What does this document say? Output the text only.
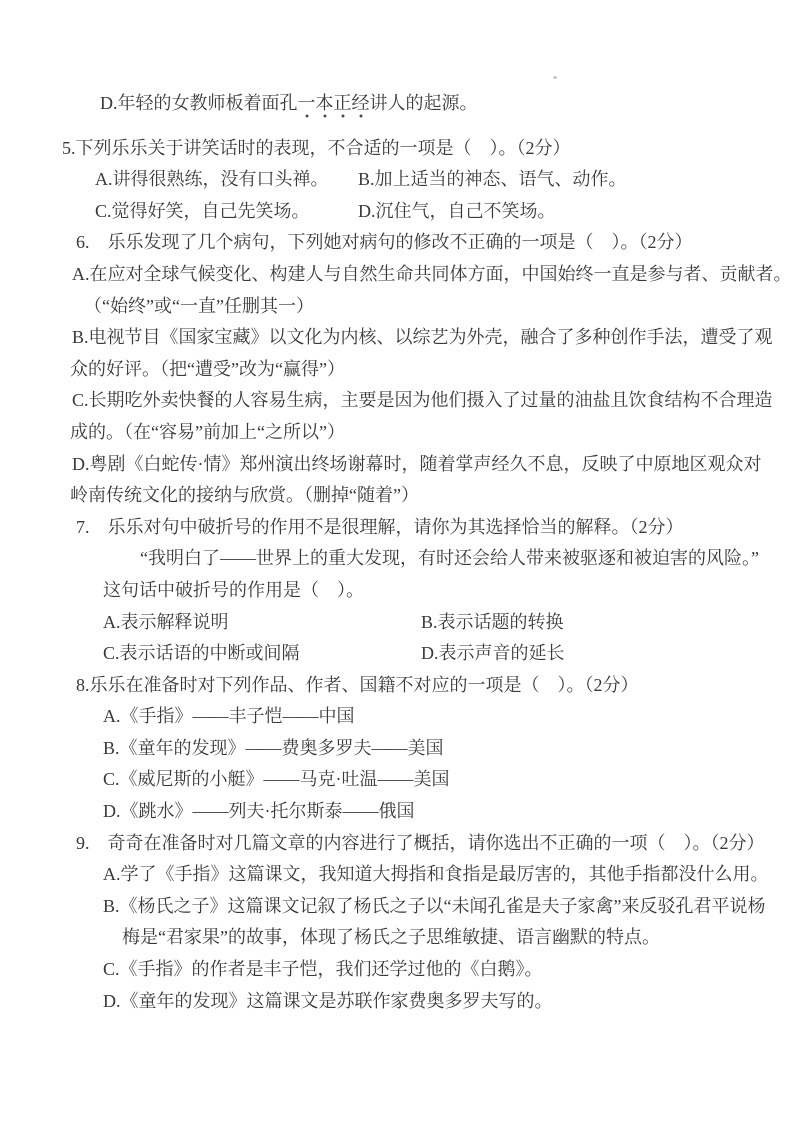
D.年轻的女教师板着面孔一本正经讲人的起源。
5.下列乐乐关于讲笑话时的表现，不合适的一项是（　）。（2分）
A.讲得很熟练，没有口头禅。 B.加上适当的神态、语气、动作。
C.觉得好笑，自己先笑场。	D.沉住气，自己不笑场。
6.　乐乐发现了几个病句，下列她对病句的修改不正确的一项是（　）。（2分）
A.在应对全球气候变化、构建人与自然生命共同体方面，中国始终一直是参与者、贡献者。
（“始终”或“一直”任删其一）
B.电视节目《国家宝藏》以文化为内核、以综艺为外壳，融合了多种创作手法，遭受了观
众的好评。（把“遭受”改为“赢得”）
C.长期吃外卖快餐的人容易生病，主要是因为他们摄入了过量的油盐且饮食结构不合理造
成的。（在“容易”前加上“之所以”）
D.粤剧《白蛇传·情》郑州演出终场谢幕时，随着掌声经久不息，反映了中原地区观众对
岭南传统文化的接纳与欣赏。（删掉“随着”）
7.　乐乐对句中破折号的作用不是很理解，请你为其选择恰当的解释。（2分）
“我明白了——世界上的重大发现，有时还会给人带来被驱逐和被迫害的风险。”
这句话中破折号的作用是（　）。
A.表示解释说明	B.表示话题的转换
C.表示话语的中断或间隔	D.表示声音的延长
8.乐乐在准备时对下列作品、作者、国籍不对应的一项是（　）。（2分）
A.《手指》——丰子恺——中国
B.《童年的发现》——费奥多罗夫——美国
C.《威尼斯的小艇》——马克·吐温——美国
D.《跳水》——列夫·托尔斯泰——俄国
9.　奇奇在准备时对几篇文章的内容进行了概括，请你选出不正确的一项（　）。（2分）
A.学了《手指》这篇课文，我知道大拇指和食指是最厉害的，其他手指都没什么用。
B.《杨氏之子》这篇课文记叙了杨氏之子以“未闻孔雀是夫子家禽”来反驳孔君平说杨
梅是“君家果”的故事，体现了杨氏之子思维敏捷、语言幽默的特点。
C.《手指》的作者是丰子恺，我们还学过他的《白鹅》。
D.《童年的发现》这篇课文是苏联作家费奥多罗夫写的。
